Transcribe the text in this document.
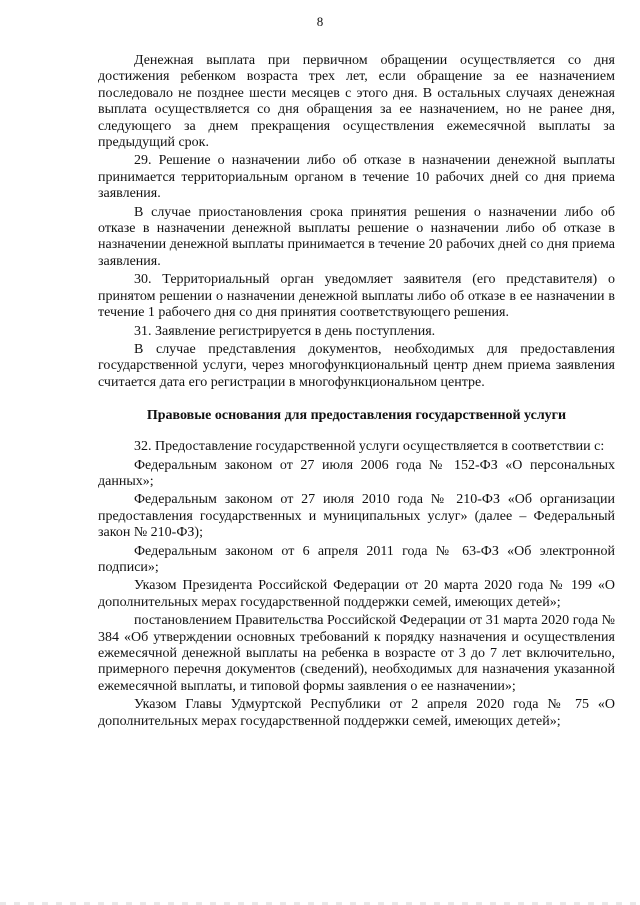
8

Денежная выплата при первичном обращении осуществляется со дня достижения ребенком возраста трех лет, если обращение за ее назначением последовало не позднее шести месяцев с этого дня. В остальных случаях денежная выплата осуществляется со дня обращения за ее назначением, но не ранее дня, следующего за днем прекращения осуществления ежемесячной выплаты за предыдущий срок.

29. Решение о назначении либо об отказе в назначении денежной выплаты принимается территориальным органом в течение 10 рабочих дней со дня приема заявления.

В случае приостановления срока принятия решения о назначении либо об отказе в назначении денежной выплаты решение о назначении либо об отказе в назначении денежной выплаты принимается в течение 20 рабочих дней со дня приема заявления.

30. Территориальный орган уведомляет заявителя (его представителя) о принятом решении о назначении денежной выплаты либо об отказе в ее назначении в течение 1 рабочего дня со дня принятия соответствующего решения.

31. Заявление регистрируется в день поступления.

В случае представления документов, необходимых для предоставления государственной услуги, через многофункциональный центр днем приема заявления считается дата его регистрации в многофункциональном центре.

Правовые основания для предоставления государственной услуги

32. Предоставление государственной услуги осуществляется в соответствии с:

Федеральным законом от 27 июля 2006 года № 152-ФЗ «О персональных данных»;

Федеральным законом от 27 июля 2010 года № 210-ФЗ «Об организации предоставления государственных и муниципальных услуг» (далее – Федеральный закон № 210-ФЗ);

Федеральным законом от 6 апреля 2011 года № 63-ФЗ «Об электронной подписи»;

Указом Президента Российской Федерации от 20 марта 2020 года № 199 «О дополнительных мерах государственной поддержки семей, имеющих детей»;

постановлением Правительства Российской Федерации от 31 марта 2020 года № 384 «Об утверждении основных требований к порядку назначения и осуществления ежемесячной денежной выплаты на ребенка в возрасте от 3 до 7 лет включительно, примерного перечня документов (сведений), необходимых для назначения указанной ежемесячной выплаты, и типовой формы заявления о ее назначении»;

Указом Главы Удмуртской Республики от 2 апреля 2020 года № 75 «О дополнительных мерах государственной поддержки семей, имеющих детей»;
